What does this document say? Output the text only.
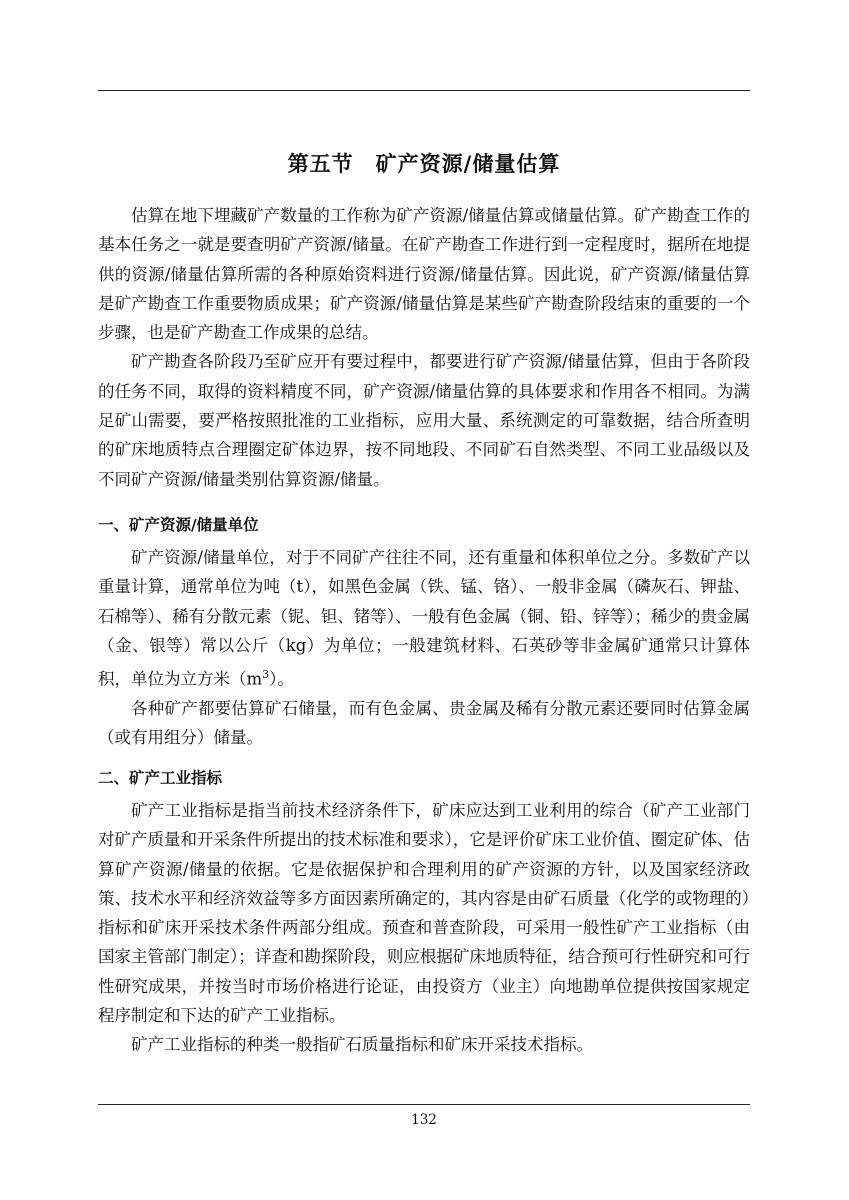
第五节　矿产资源/储量估算

估算在地下埋藏矿产数量的工作称为矿产资源/储量估算或储量估算。矿产勘查工作的基本任务之一就是要查明矿产资源/储量。在矿产勘查工作进行到一定程度时，据所在地提供的资源/储量估算所需的各种原始资料进行资源/储量估算。因此说，矿产资源/储量估算是矿产勘查工作重要物质成果；矿产资源/储量估算是某些矿产勘查阶段结束的重要的一个步骤，也是矿产勘查工作成果的总结。

矿产勘查各阶段乃至矿应开有要过程中，都要进行矿产资源/储量估算，但由于各阶段的任务不同，取得的资料精度不同，矿产资源/储量估算的具体要求和作用各不相同。为满足矿山需要，要严格按照批准的工业指标，应用大量、系统测定的可靠数据，结合所查明的矿床地质特点合理圈定矿体边界，按不同地段、不同矿石自然类型、不同工业品级以及不同矿产资源/储量类别估算资源/储量。

一、矿产资源/储量单位

矿产资源/储量单位，对于不同矿产往往不同，还有重量和体积单位之分。多数矿产以重量计算，通常单位为吨（t），如黑色金属（铁、锰、铬）、一般非金属（磷灰石、钾盐、石棉等）、稀有分散元素（铌、钽、锗等）、一般有色金属（铜、铅、锌等）；稀少的贵金属（金、银等）常以公斤（kg）为单位；一般建筑材料、石英砂等非金属矿通常只计算体积，单位为立方米$(m^3)$。

各种矿产都要估算矿石储量，而有色金属、贵金属及稀有分散元素还要同时估算金属（或有用组分）储量。

二、矿产工业指标

矿产工业指标是指当前技术经济条件下，矿床应达到工业利用的综合（矿产工业部门对矿产质量和开采条件所提出的技术标准和要求），它是评价矿床工业价值、圈定矿体、估算矿产资源/储量的依据。它是依据保护和合理利用的矿产资源的方针，以及国家经济政策、技术水平和经济效益等多方面因素所确定的，其内容是由矿石质量（化学的或物理的）指标和矿床开采技术条件两部分组成。预查和普查阶段，可采用一般性矿产工业指标（由国家主管部门制定）；详查和勘探阶段，则应根据矿床地质特征，结合预可行性研究和可行性研究成果，并按当时市场价格进行论证，由投资方（业主）向地勘单位提供按国家规定程序制定和下达的矿产工业指标。

矿产工业指标的种类一般指矿石质量指标和矿床开采技术指标。

132
